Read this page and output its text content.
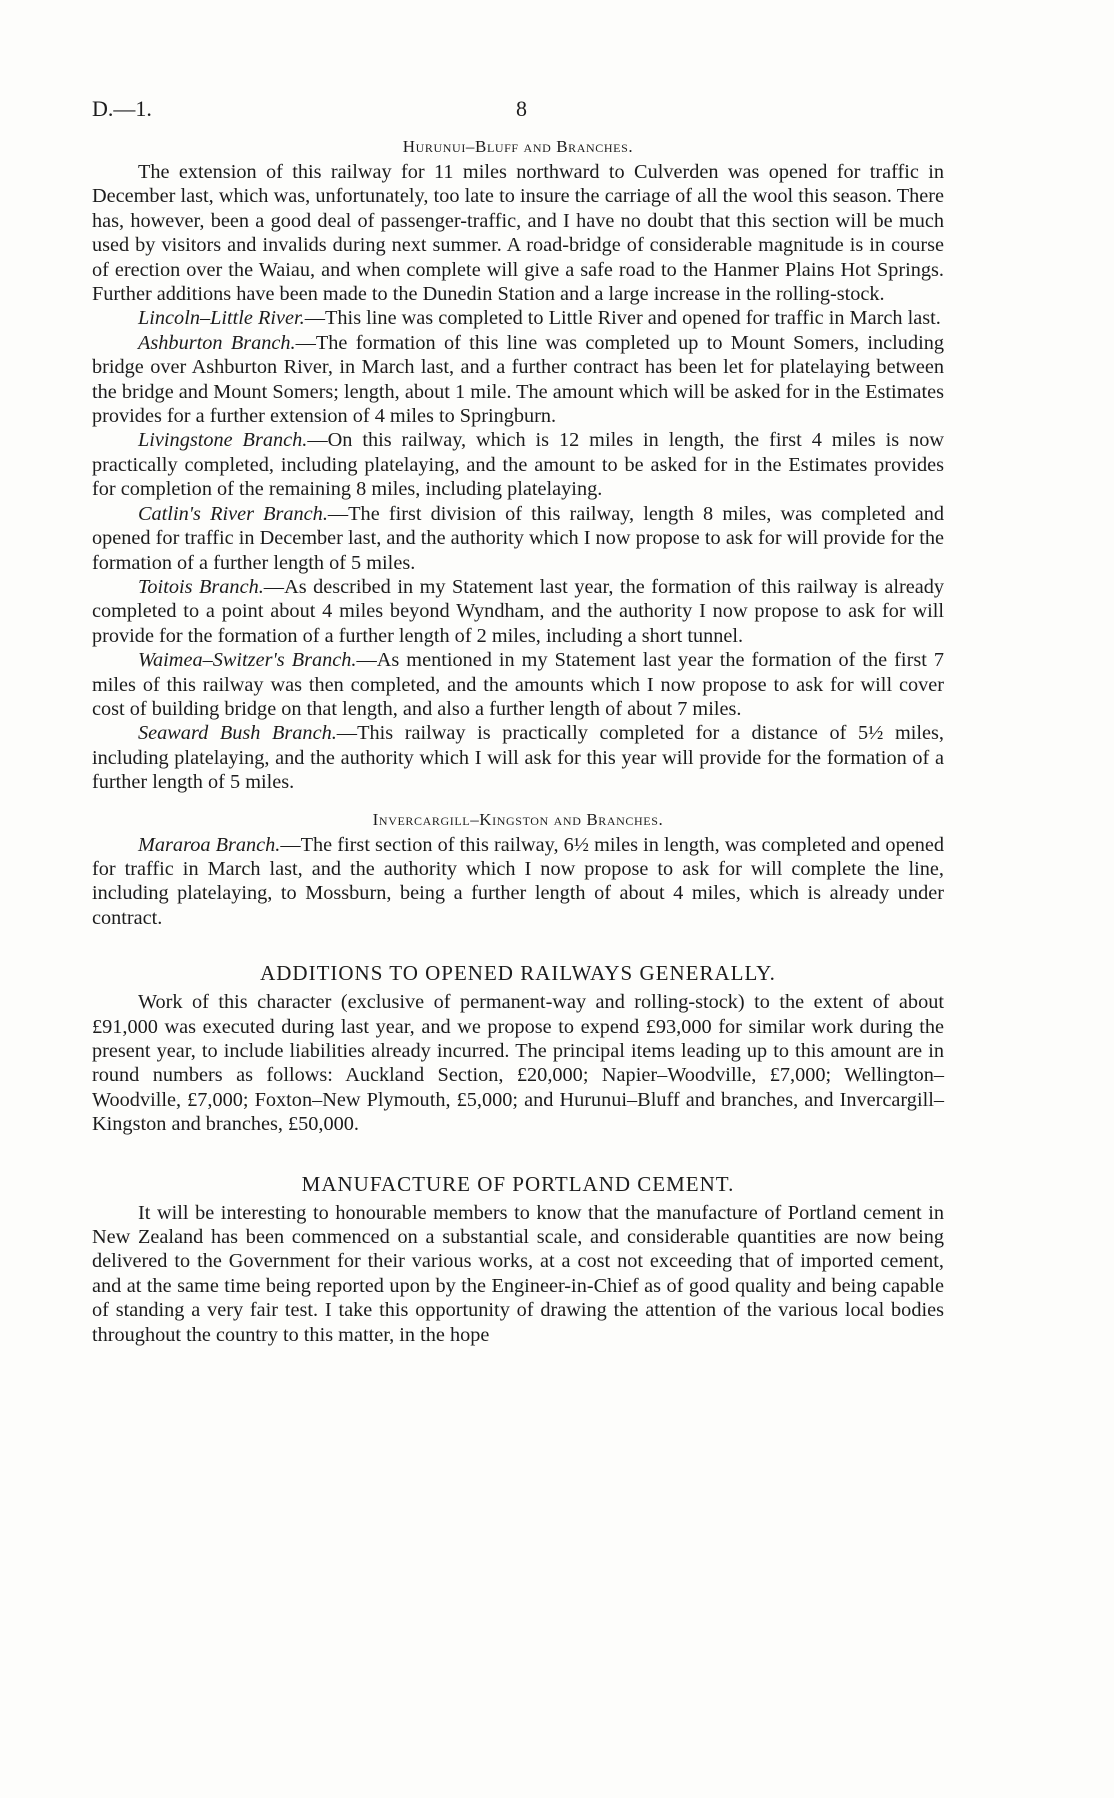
D.—1.	8
Hurunui–Bluff and Branches.

The extension of this railway for 11 miles northward to Culverden was opened for traffic in December last, which was, unfortunately, too late to insure the carriage of all the wool this season. There has, however, been a good deal of passenger-traffic, and I have no doubt that this section will be much used by visitors and invalids during next summer. A road-bridge of considerable magnitude is in course of erection over the Waiau, and when complete will give a safe road to the Hanmer Plains Hot Springs. Further additions have been made to the Dunedin Station and a large increase in the rolling-stock.

Lincoln–Little River.—This line was completed to Little River and opened for traffic in March last.

Ashburton Branch.—The formation of this line was completed up to Mount Somers, including bridge over Ashburton River, in March last, and a further contract has been let for platelaying between the bridge and Mount Somers; length, about 1 mile. The amount which will be asked for in the Estimates provides for a further extension of 4 miles to Springburn.

Livingstone Branch.—On this railway, which is 12 miles in length, the first 4 miles is now practically completed, including platelaying, and the amount to be asked for in the Estimates provides for completion of the remaining 8 miles, including platelaying.

Catlin's River Branch.—The first division of this railway, length 8 miles, was completed and opened for traffic in December last, and the authority which I now propose to ask for will provide for the formation of a further length of 5 miles.

Toitois Branch.—As described in my Statement last year, the formation of this railway is already completed to a point about 4 miles beyond Wyndham, and the authority I now propose to ask for will provide for the formation of a further length of 2 miles, including a short tunnel.

Waimea–Switzer's Branch.—As mentioned in my Statement last year the formation of the first 7 miles of this railway was then completed, and the amounts which I now propose to ask for will cover cost of building bridge on that length, and also a further length of about 7 miles.

Seaward Bush Branch.—This railway is practically completed for a distance of 5½ miles, including platelaying, and the authority which I will ask for this year will provide for the formation of a further length of 5 miles.

Invercargill–Kingston and Branches.

Mararoa Branch.—The first section of this railway, 6½ miles in length, was completed and opened for traffic in March last, and the authority which I now propose to ask for will complete the line, including platelaying, to Mossburn, being a further length of about 4 miles, which is already under contract.

ADDITIONS TO OPENED RAILWAYS GENERALLY.

Work of this character (exclusive of permanent-way and rolling-stock) to the extent of about £91,000 was executed during last year, and we propose to expend £93,000 for similar work during the present year, to include liabilities already incurred. The principal items leading up to this amount are in round numbers as follows: Auckland Section, £20,000; Napier–Woodville, £7,000; Wellington–Woodville, £7,000; Foxton–New Plymouth, £5,000; and Hurunui–Bluff and branches, and Invercargill–Kingston and branches, £50,000.

MANUFACTURE OF PORTLAND CEMENT.

It will be interesting to honourable members to know that the manufacture of Portland cement in New Zealand has been commenced on a substantial scale, and considerable quantities are now being delivered to the Government for their various works, at a cost not exceeding that of imported cement, and at the same time being reported upon by the Engineer-in-Chief as of good quality and being capable of standing a very fair test. I take this opportunity of drawing the attention of the various local bodies throughout the country to this matter, in the hope
